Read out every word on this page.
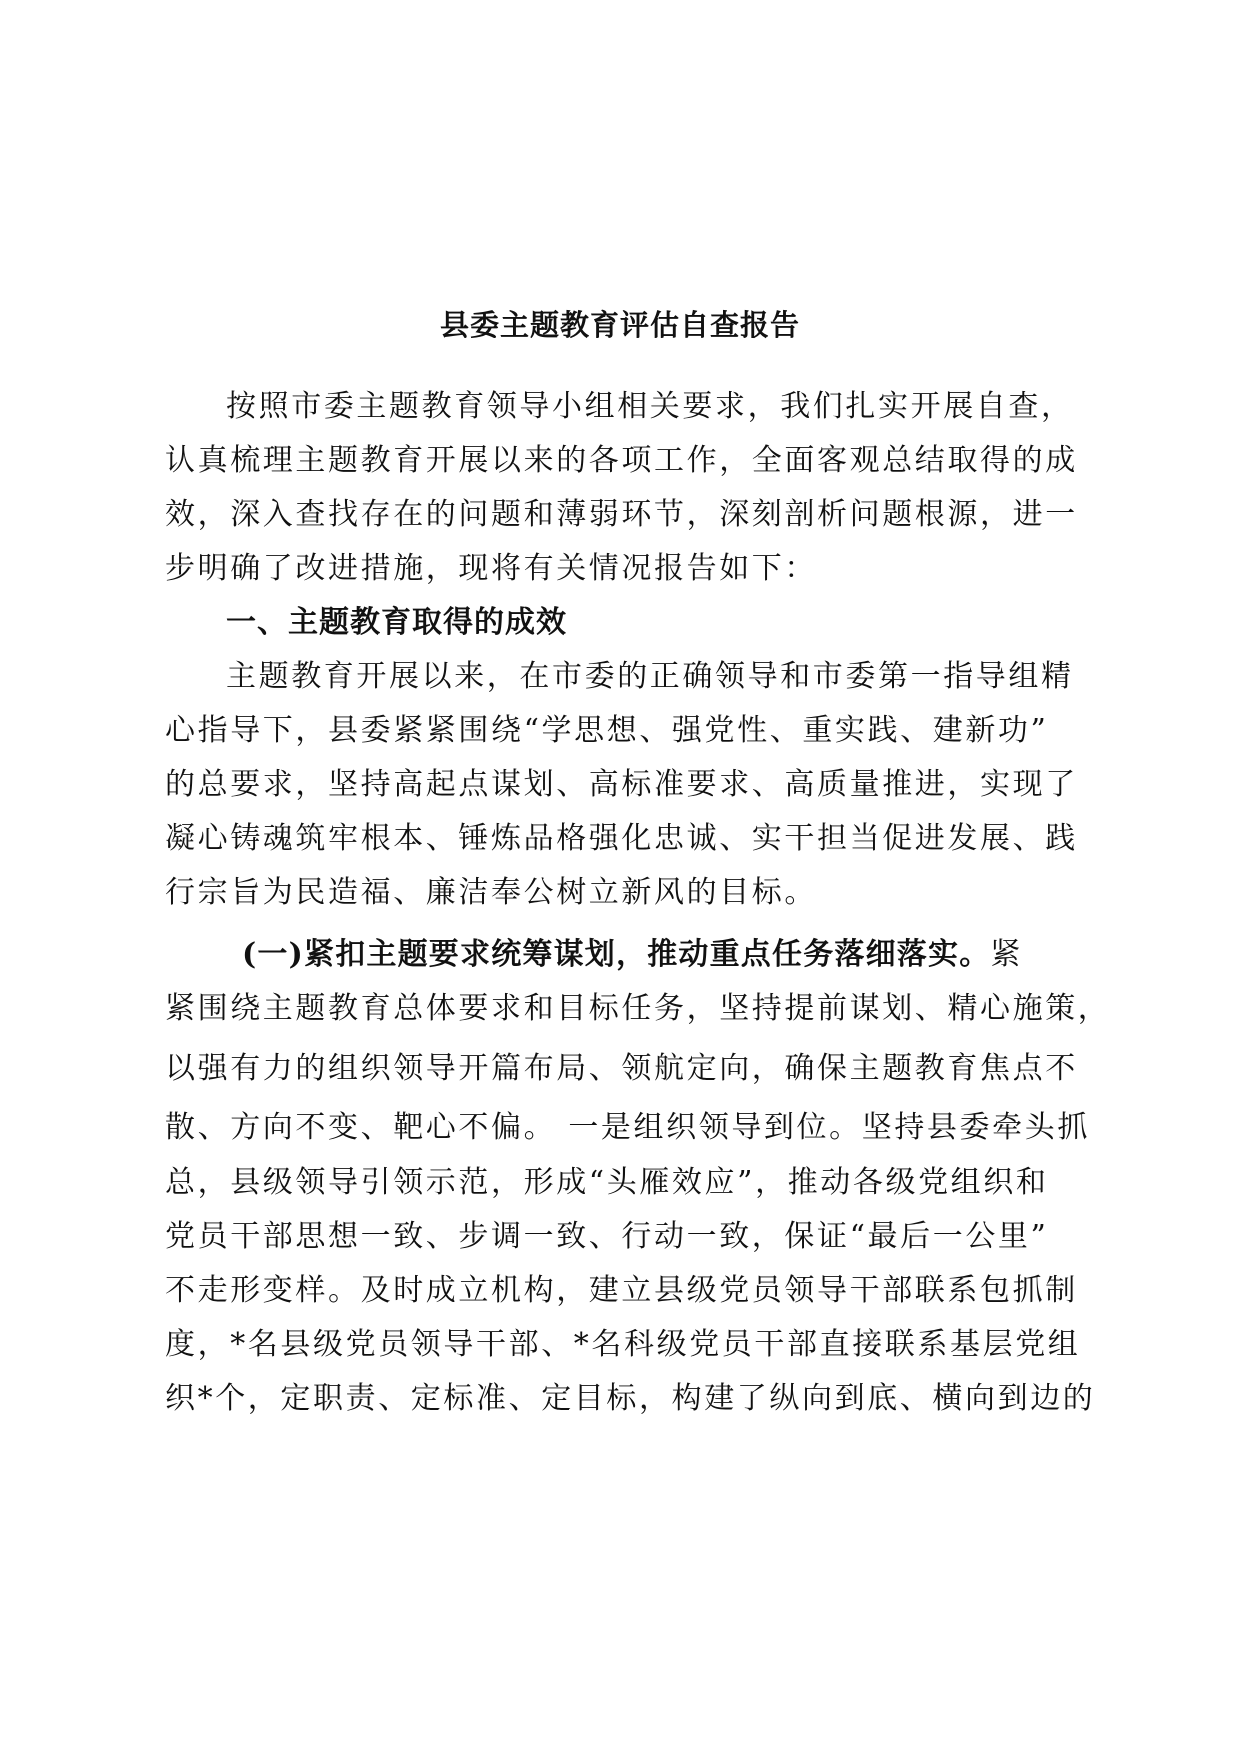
县委主题教育评估自查报告
按照市委主题教育领导小组相关要求，我们扎实开展自查，
认真梳理主题教育开展以来的各项工作，全面客观总结取得的成
效，深入查找存在的问题和薄弱环节，深刻剖析问题根源，进一
步明确了改进措施，现将有关情况报告如下：
一、主题教育取得的成效
主题教育开展以来，在市委的正确领导和市委第一指导组精
心指导下，县委紧紧围绕“学思想、强党性、重实践、建新功”
的总要求，坚持高起点谋划、高标准要求、高质量推进，实现了
凝心铸魂筑牢根本、锤炼品格强化忠诚、实干担当促进发展、践
行宗旨为民造福、廉洁奉公树立新风的目标。
(一)紧扣主题要求统筹谋划，推动重点任务落细落实。紧
紧围绕主题教育总体要求和目标任务，坚持提前谋划、精心施策，
以强有力的组织领导开篇布局、领航定向，确保主题教育焦点不
散、方向不变、靶心不偏。 一是组织领导到位。坚持县委牵头抓
总，县级领导引领示范，形成“头雁效应”，推动各级党组织和
党员干部思想一致、步调一致、行动一致，保证“最后一公里”
不走形变样。及时成立机构，建立县级党员领导干部联系包抓制
度，*名县级党员领导干部、*名科级党员干部直接联系基层党组
织*个，定职责、定标准、定目标，构建了纵向到底、横向到边的
